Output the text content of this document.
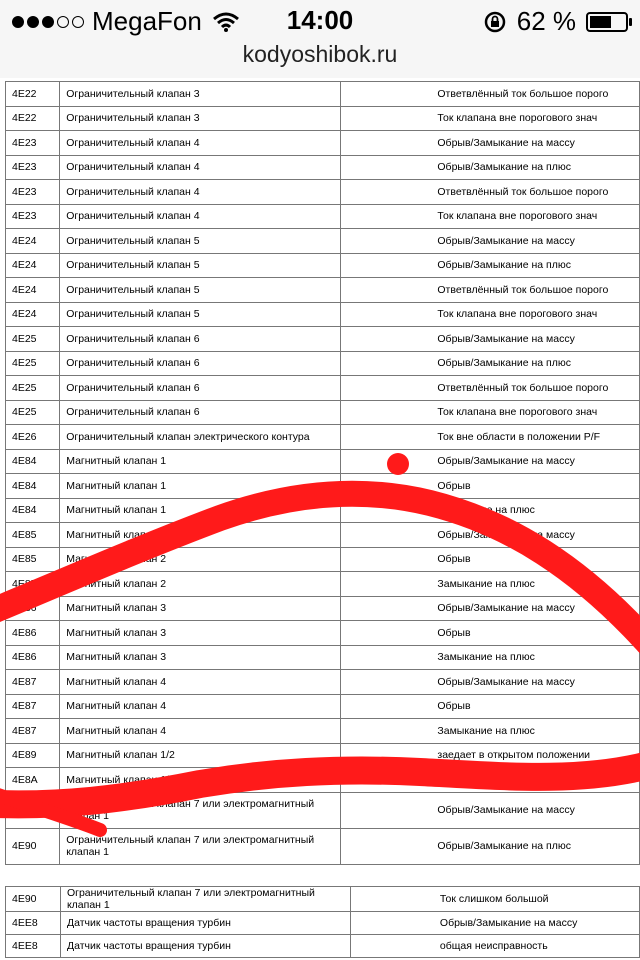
MegaFon	14:00	62 %
kodyoshibok.ru
4E22	Ограничительный клапан 3		Ответвлённый ток большое порого
4E22	Ограничительный клапан 3		Ток клапана вне порогового знач
4E23	Ограничительный клапан 4		Обрыв/Замыкание на массу
4E23	Ограничительный клапан 4		Обрыв/Замыкание на плюс
4E23	Ограничительный клапан 4		Ответвлённый ток большое порого
4E23	Ограничительный клапан 4		Ток клапана вне порогового знач
4E24	Ограничительный клапан 5		Обрыв/Замыкание на массу
4E24	Ограничительный клапан 5		Обрыв/Замыкание на плюс
4E24	Ограничительный клапан 5		Ответвлённый ток большое порого
4E24	Ограничительный клапан 5		Ток клапана вне порогового знач
4E25	Ограничительный клапан 6		Обрыв/Замыкание на массу
4E25	Ограничительный клапан 6		Обрыв/Замыкание на плюс
4E25	Ограничительный клапан 6		Ответвлённый ток большое порого
4E25	Ограничительный клапан 6		Ток клапана вне порогового знач
4E26	Ограничительный клапан электрического контура		Ток вне области в положении P/F
4E84	Магнитный клапан 1		Обрыв/Замыкание на массу
4E84	Магнитный клапан 1		Обрыв
4E84	Магнитный клапан 1		Замыкание на плюс
4E85	Магнитный клапан 2		Обрыв/Замыкание на массу
4E85	Магнитный клапан 2		Обрыв
4E85	Магнитный клапан 2		Замыкание на плюс
4E86	Магнитный клапан 3		Обрыв/Замыкание на массу
4E86	Магнитный клапан 3		Обрыв
4E86	Магнитный клапан 3		Замыкание на плюс
4E87	Магнитный клапан 4		Обрыв/Замыкание на массу
4E87	Магнитный клапан 4		Обрыв
4E87	Магнитный клапан 4		Замыкание на плюс
4E89	Магнитный клапан 1/2		заедает в открытом положении
4E8A	Магнитный клапан 1/2		заедает в закрытом положении
4E90	Ограничительный клапан 7 или электромагнитный клапан 1		Обрыв/Замыкание на массу
4E90	Ограничительный клапан 7 или электромагнитный клапан 1		Обрыв/Замыкание на плюс
4E90	Ограничительный клапан 7 или электромагнитный клапан 1		Ток слишком большой
4EE8	Датчик частоты вращения турбин		Обрыв/Замыкание на массу
4EE8	Датчик частоты вращения турбин		общая неисправность
